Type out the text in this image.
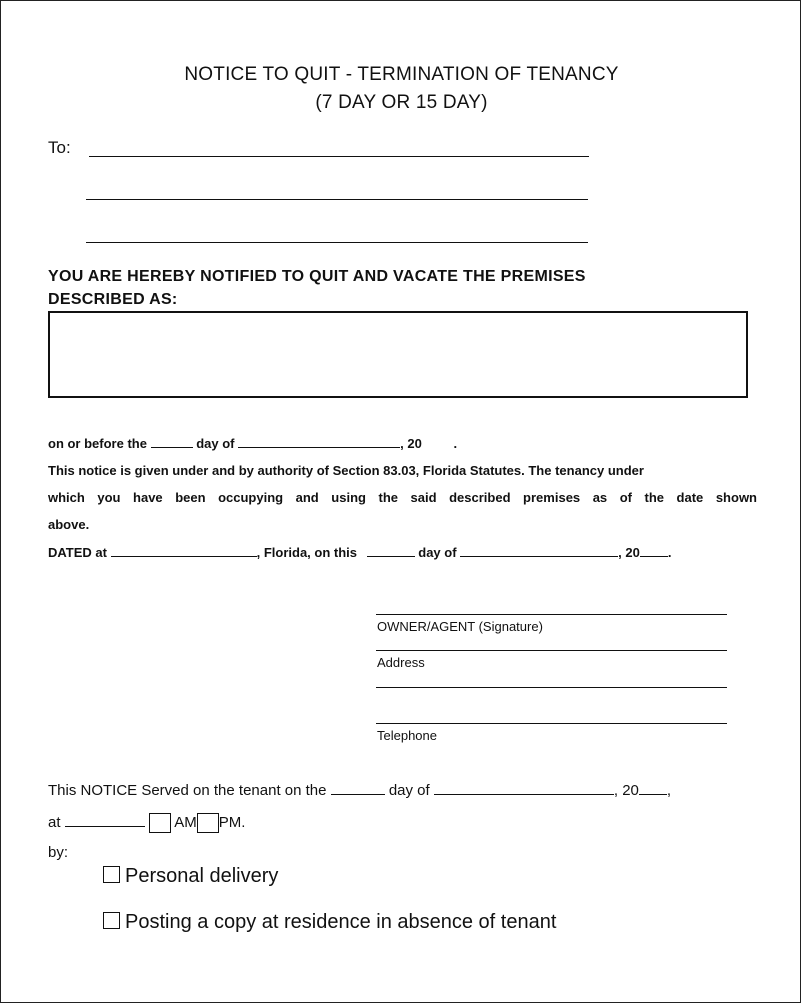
NOTICE TO QUIT - TERMINATION OF TENANCY
(7 DAY OR 15 DAY)
To:
YOU ARE HEREBY NOTIFIED TO QUIT AND VACATE THE PREMISES
DESCRIBED AS:
on or before the	day of	, 20 .
This notice is given under and by authority of Section 83.03, Florida Statutes. The tenancy under
which you have been occupying and using the said described premises as of the date shown
above.
DATED at	, Florida, on this	day of	, 20 .
OWNER/AGENT (Signature)
Address
Telephone
This NOTICE Served on the tenant on the	day of	, 20 ,
at	AM PM.
by:
Personal delivery
Posting a copy at residence in absence of tenant
